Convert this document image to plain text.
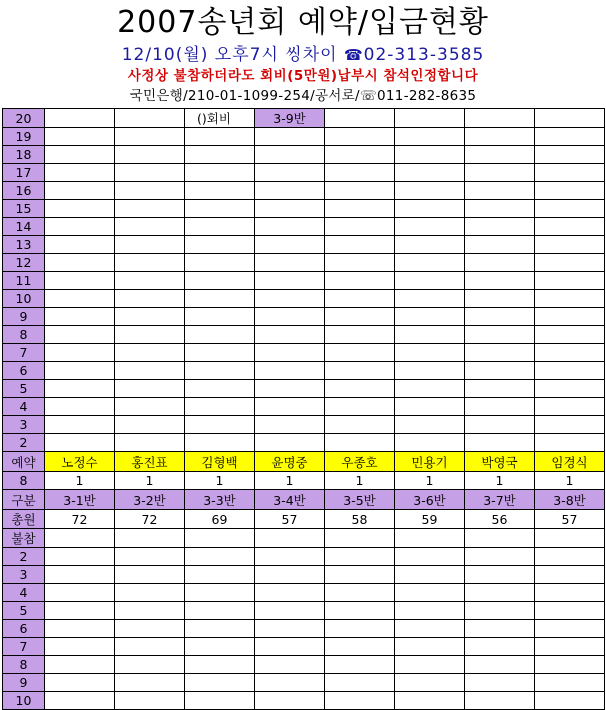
2007송년회 예약/입금현황
12/10(월) 오후7시 씽차이 ☎02-313-3585
사정상 불참하더라도 회비(5만원)납부시 참석인정합니다
국민은행/210-01-1099-254/공서로/☏011-282-8635
20			()회비	3-9반				
19								
18								
17								
16								
15								
14								
13								
12								
11								
10								
9								
8								
7								
6								
5								
4								
3								
2								
예약	노정수	홍진표	김형백	윤명중	우종호	민용기	박영국	임경식
8	1	1	1	1	1	1	1	1
구분	3-1반	3-2반	3-3반	3-4반	3-5반	3-6반	3-7반	3-8반
총원	72	72	69	57	58	59	56	57
불참								
2								
3								
4								
5								
6								
7								
8								
9								
10								
